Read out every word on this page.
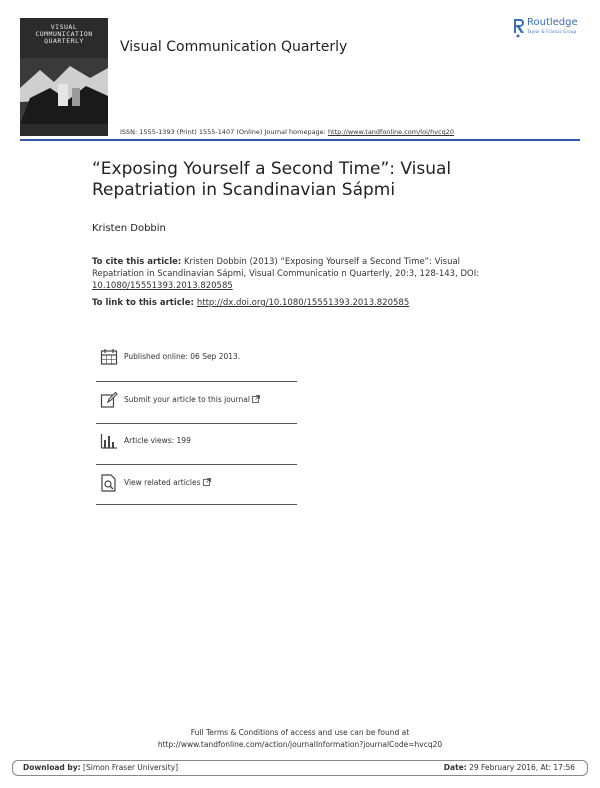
VISUAL COMMUNICATION
QUARTERLY	Visual Communication Quarterly
Routledge
Taylor & Francis Group
ISSN: 1555-1393 (Print) 1555-1407 (Online) Journal homepage: http://www.tandfonline.com/loi/hvcq20
“Exposing Yourself a Second Time”: Visual Repatriation in Scandinavian Sápmi
Kristen Dobbin
To cite this article: Kristen Dobbin (2013) “Exposing Yourself a Second Time”: Visual Repatriation in Scandinavian Sápmi, Visual Communicatio n Quarterly, 20:3, 128-143, DOI: 10.1080/15551393.2013.820585
To link to this article: http://dx.doi.org/10.1080/15551393.2013.820585
Published online: 06 Sep 2013.
Submit your article to this journal
Article views: 199
View related articles
Full Terms & Conditions of access and use can be found at
http://www.tandfonline.com/action/journalInformation?journalCode=hvcq20
Download by: [Simon Fraser University]	Date: 29 February 2016, At: 17:56
